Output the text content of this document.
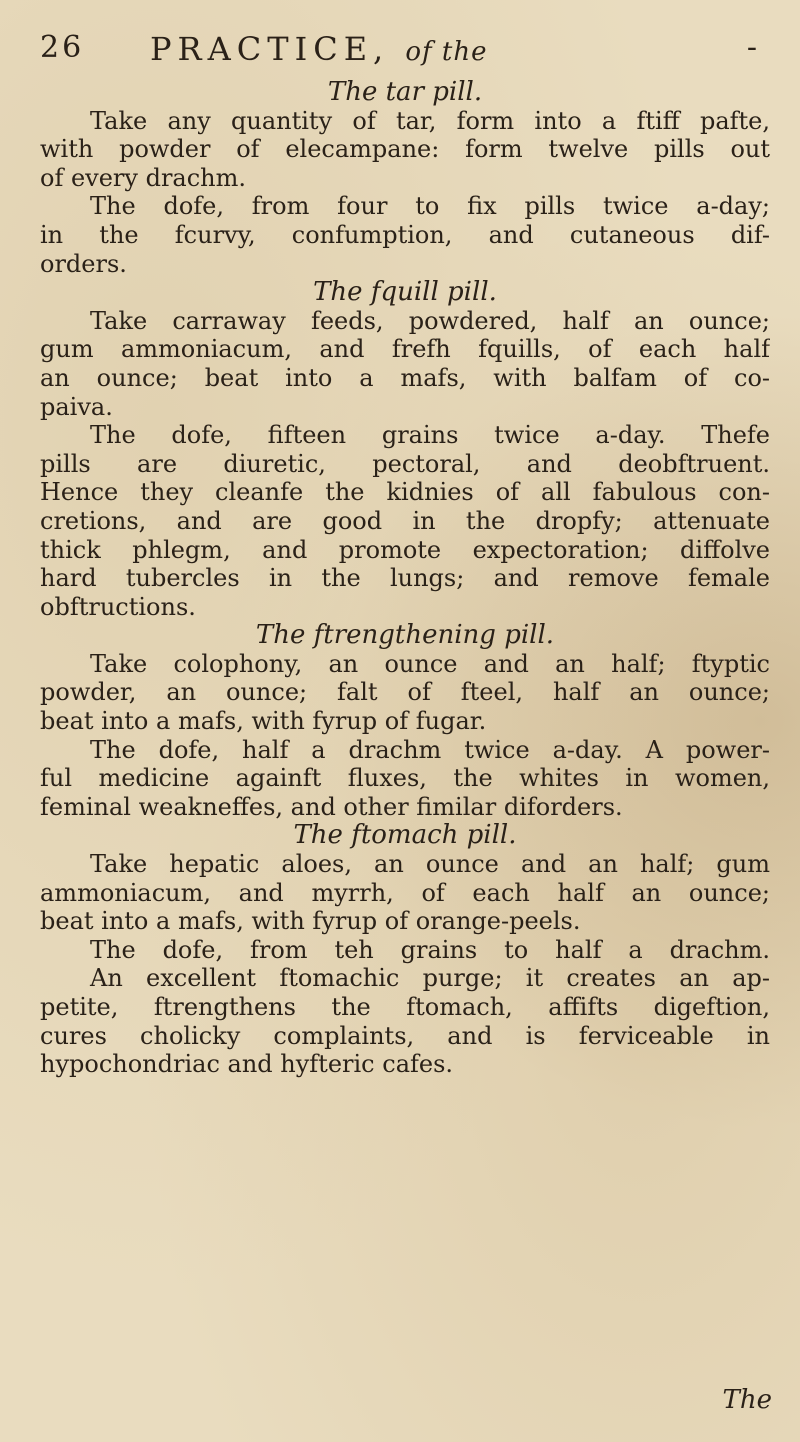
26 PRACTICE, of the	-
The tar pill.
Take any quantity of tar, form into a ftiff pafte,
with powder of elecampane: form twelve pills out
of every drachm.
The dofe, from four to fix pills twice a-day;
in the fcurvy, confumption, and cutaneous dif-
orders.
The fquill pill.
Take carraway feeds, powdered, half an ounce;
gum ammoniacum, and frefh fquills, of each half
an ounce; beat into a mafs, with balfam of co-
paiva.
The dofe, fifteen grains twice a-day. Thefe
pills are diuretic, pectoral, and deobftruent.
Hence they cleanfe the kidnies of all fabulous con-
cretions, and are good in the dropfy; attenuate
thick phlegm, and promote expectoration; diffolve
hard tubercles in the lungs; and remove female
obftructions.
The ftrengthening pill.
Take colophony, an ounce and an half; ftyptic
powder, an ounce; falt of fteel, half an ounce;
beat into a mafs, with fyrup of fugar.
The dofe, half a drachm twice a-day. A power-
ful medicine againft fluxes, the whites in women,
feminal weakneffes, and other fimilar diforders.
The ftomach pill.
Take hepatic aloes, an ounce and an half; gum
ammoniacum, and myrrh, of each half an ounce;
beat into a mafs, with fyrup of orange-peels.
The dofe, from teh grains to half a drachm.
An excellent ftomachic purge; it creates an ap-
petite, ftrengthens the ftomach, affifts digeftion,
cures cholicky complaints, and is ferviceable in
hypochondriac and hyfteric cafes.
The
